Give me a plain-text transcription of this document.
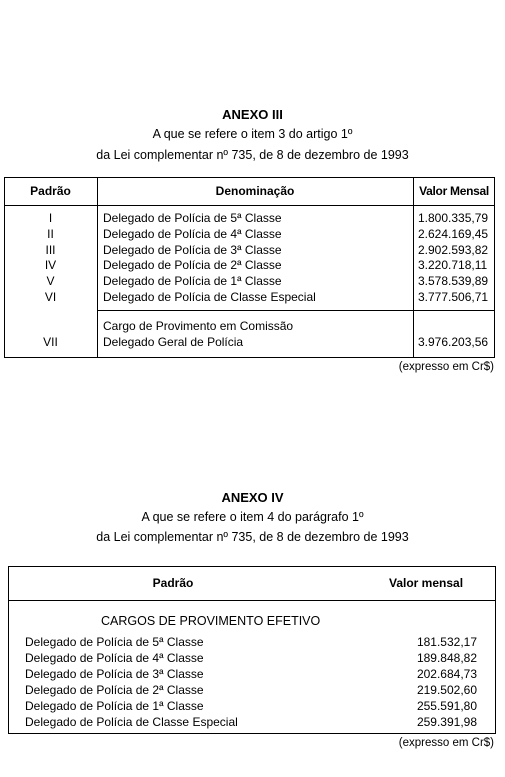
ANEXO III
A que se refere o item 3 do artigo 1º
da Lei complementar nº 735, de 8 de dezembro de 1993
Padrão	Denominação	Valor Mensal
I	Delegado de Polícia de 5ª Classe	1.800.335,79
II	Delegado de Polícia de 4ª Classe	2.624.169,45
III	Delegado de Polícia de 3ª Classe	2.902.593,82
IV	Delegado de Polícia de 2ª Classe	3.220.718,11
V	Delegado de Polícia de 1ª Classe	3.578.539,89
VI	Delegado de Polícia de Classe Especial	3.777.506,71
Cargo de Provimento em Comissão
VII	Delegado Geral de Polícia	3.976.203,56
(expresso em Cr$)
ANEXO IV
A que se refere o item 4 do parágrafo 1º
da Lei complementar nº 735, de 8 de dezembro de 1993
Padrão	Valor mensal
CARGOS DE PROVIMENTO EFETIVO
Delegado de Polícia de 5ª Classe	181.532,17
Delegado de Polícia de 4ª Classe	189.848,82
Delegado de Polícia de 3ª Classe	202.684,73
Delegado de Polícia de 2ª Classe	219.502,60
Delegado de Polícia de 1ª Classe	255.591,80
Delegado de Polícia de Classe Especial	259.391,98
(expresso em Cr$)
